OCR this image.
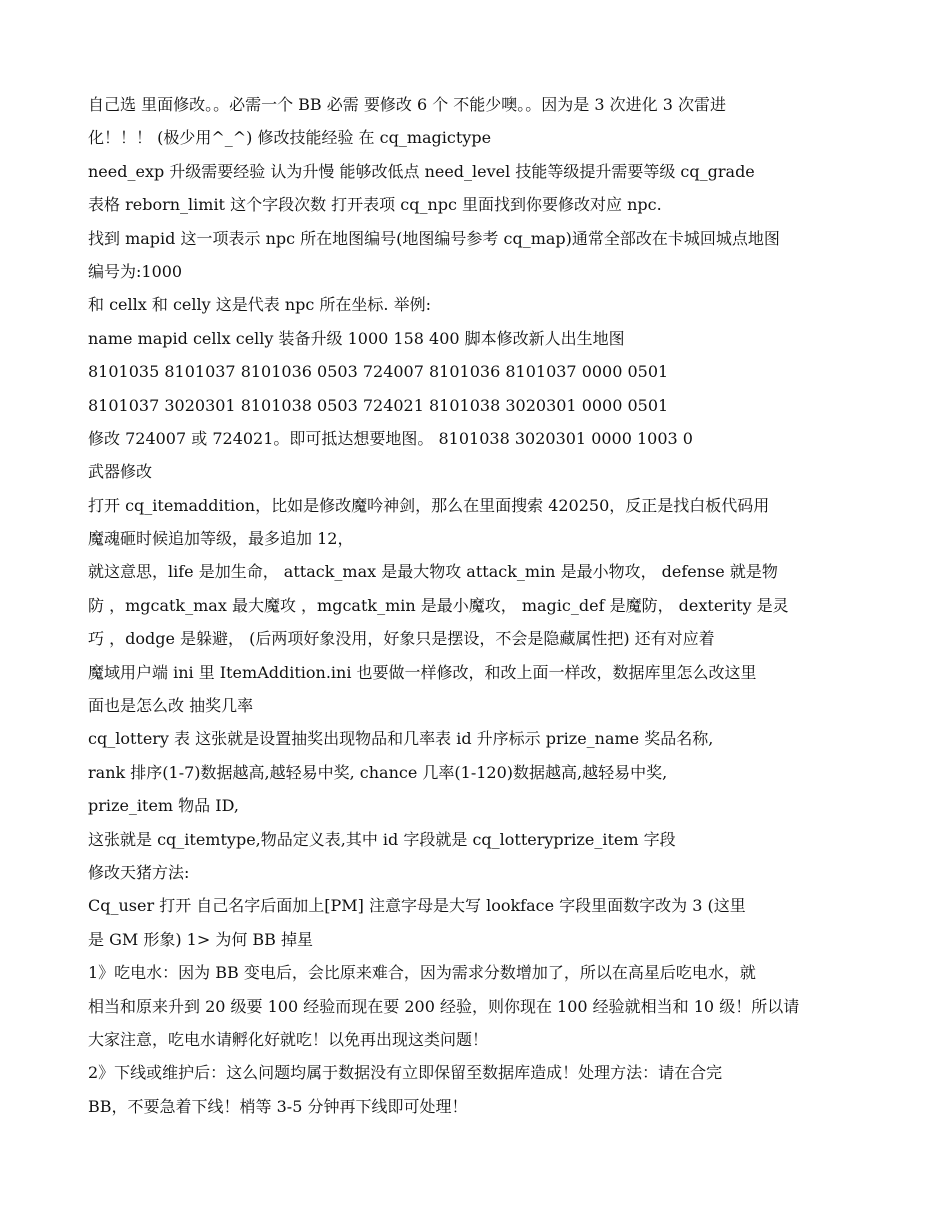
自己选 里面修改。。必需一个 BB 必需 要修改 6 个 不能少噢。。因为是 3 次进化 3 次雷进
化！！！ (极少用^_^) 修改技能经验 在 cq_magictype
need_exp 升级需要经验 认为升慢 能够改低点 need_level 技能等级提升需要等级 cq_grade
表格 reborn_limit 这个字段次数 打开表项 cq_npc 里面找到你要修改对应 npc.
找到 mapid 这一项表示 npc 所在地图编号(地图编号参考 cq_map)通常全部改在卡城回城点地图
编号为:1000
和 cellx 和 celly 这是代表 npc 所在坐标. 举例:
name mapid cellx celly 装备升级 1000 158 400 脚本修改新人出生地图
8101035 8101037 8101036 0503 724007 8101036 8101037 0000 0501
8101037 3020301 8101038 0503 724021 8101038 3020301 0000 0501
修改 724007 或 724021。即可抵达想要地图。 8101038 3020301 0000 1003 0
武器修改
打开 cq_itemaddition，比如是修改魔吟神剑，那么在里面搜索 420250，反正是找白板代码用
魔魂砸时候追加等级，最多追加 12，
就这意思，life 是加生命， attack_max 是最大物攻 attack_min 是最小物攻， defense 就是物
防 ，mgcatk_max 最大魔攻 ，mgcatk_min 是最小魔攻， magic_def 是魔防， dexterity 是灵
巧 ，dodge 是躲避， (后两项好象没用，好象只是摆设，不会是隐藏属性把) 还有对应着
魔域用户端 ini 里 ItemAddition.ini 也要做一样修改，和改上面一样改，数据库里怎么改这里
面也是怎么改 抽奖几率
cq_lottery 表 这张就是设置抽奖出现物品和几率表 id 升序标示 prize_name 奖品名称,
rank 排序(1-7)数据越高,越轻易中奖, chance 几率(1-120)数据越高,越轻易中奖,
prize_item 物品 ID,
这张就是 cq_itemtype,物品定义表,其中 id 字段就是 cq_lotteryprize_item 字段
修改天猪方法:
Cq_user 打开 自己名字后面加上[PM] 注意字母是大写 lookface 字段里面数字改为 3 (这里
是 GM 形象) 1> 为何 BB 掉星
1》吃电水：因为 BB 变电后，会比原来难合，因为需求分数增加了，所以在高星后吃电水，就
相当和原来升到 20 级要 100 经验而现在要 200 经验，则你现在 100 经验就相当和 10 级！所以请
大家注意，吃电水请孵化好就吃！以免再出现这类问题！
2》下线或维护后：这么问题均属于数据没有立即保留至数据库造成！处理方法：请在合完
BB，不要急着下线！梢等 3-5 分钟再下线即可处理！
